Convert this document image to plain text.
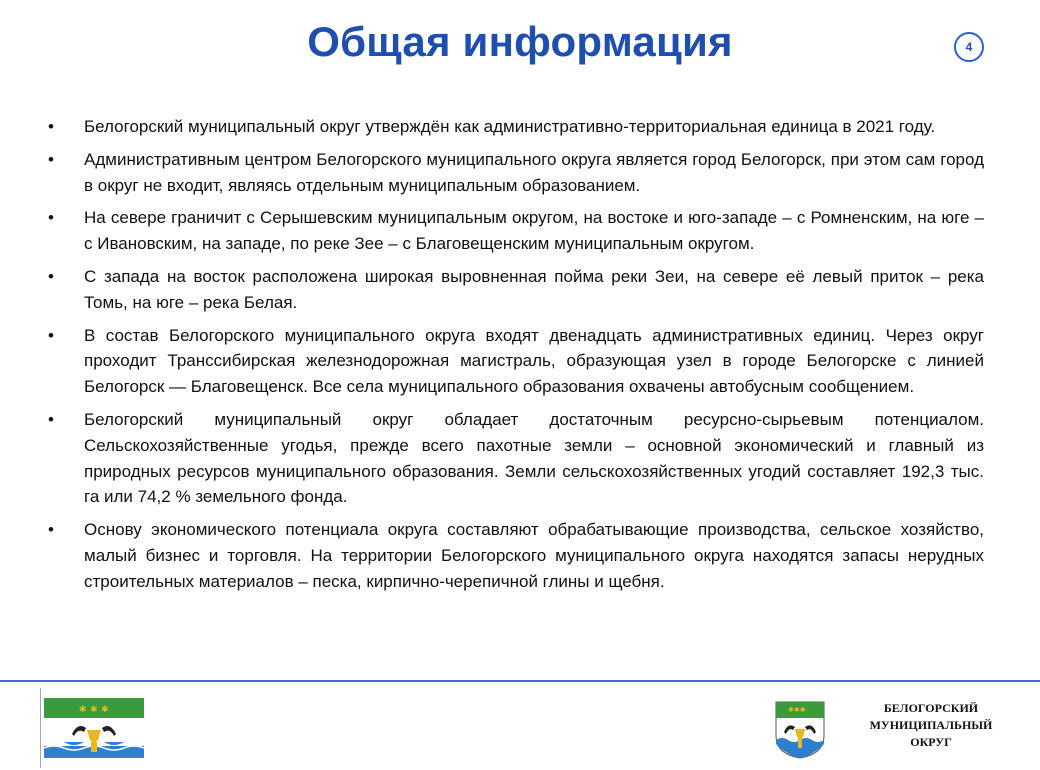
Общая информация	4
• Белогорский муниципальный округ утверждён как административно-территориальная единица в 2021 году.
• Административным центром Белогорского муниципального округа является город Белогорск, при этом сам город в округ не входит, являясь отдельным муниципальным образованием.
• На севере граничит с Серышевским муниципальным округом, на востоке и юго-западе – с Ромненским, на юге – с Ивановским, на западе, по реке Зее – с Благовещенским муниципальным округом.
• С запада на восток расположена широкая выровненная пойма реки Зеи, на севере её левый приток – река Томь, на юге – река Белая.
• В состав Белогорского муниципального округа входят двенадцать административных единиц. Через округ проходит Транссибирская железнодорожная магистраль, образующая узел в городе Белогорске с линией Белогорск — Благовещенск. Все села муниципального образования охвачены автобусным сообщением.
• Белогорский муниципальный округ обладает достаточным ресурсно-сырьевым потенциалом. Сельскохозяйственные угодья, прежде всего пахотные земли – основной экономический и главный из природных ресурсов муниципального образования. Земли сельскохозяйственных угодий составляет 192,3 тыс. га или 74,2 % земельного фонда.
• Основу экономического потенциала округа составляют обрабатывающие производства, сельское хозяйство, малый бизнес и торговля. На территории Белогорского муниципального округа находятся запасы нерудных строительных материалов – песка, кирпично-черепичной глины и щебня.
✱ ✱ ✱	✱✱✱	БЕЛОГОРСКИЙ
МУНИЦИПАЛЬНЫЙ
ОКРУГ
